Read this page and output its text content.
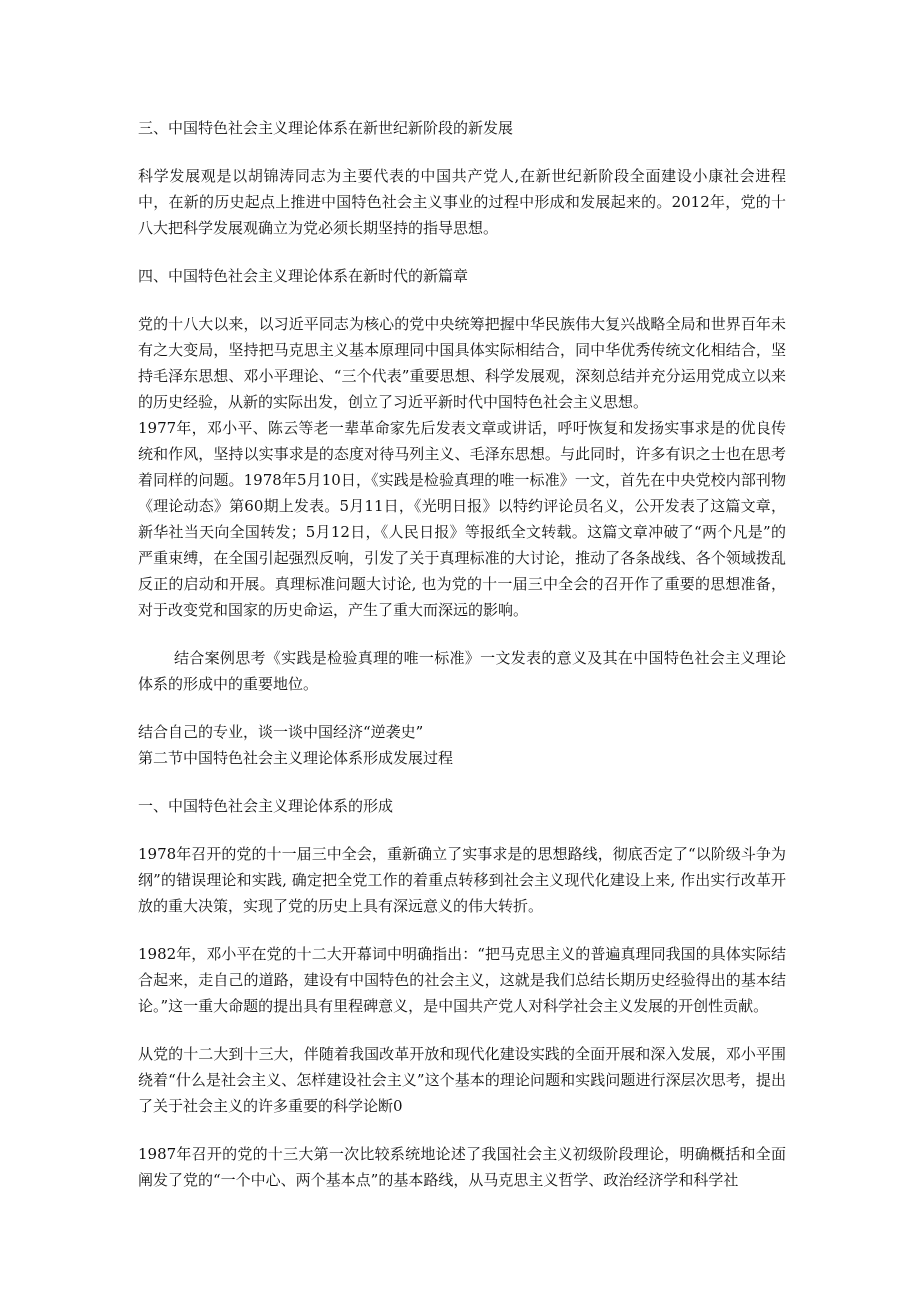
三、中国特色社会主义理论体系在新世纪新阶段的新发展

科学发展观是以胡锦涛同志为主要代表的中国共产党人,在新世纪新阶段全面建设小康社会进程中，在新的历史起点上推进中国特色社会主义事业的过程中形成和发展起来的。2012年，党的十八大把科学发展观确立为党必须长期坚持的指导思想。

四、中国特色社会主义理论体系在新时代的新篇章

党的十八大以来，以习近平同志为核心的党中央统筹把握中华民族伟大复兴战略全局和世界百年未有之大变局，坚持把马克思主义基本原理同中国具体实际相结合，同中华优秀传统文化相结合，坚持毛泽东思想、邓小平理论、“三个代表”重要思想、科学发展观，深刻总结并充分运用党成立以来的历史经验，从新的实际出发，创立了习近平新时代中国特色社会主义思想。

1977年，邓小平、陈云等老一辈革命家先后发表文章或讲话，呼吁恢复和发扬实事求是的优良传统和作风，坚持以实事求是的态度对待马列主义、毛泽东思想。与此同时，许多有识之士也在思考着同样的问题。1978年5月10日，《实践是检验真理的唯一标准》一文，首先在中央党校内部刊物《理论动态》第60期上发表。5月11日，《光明日报》以特约评论员名义，公开发表了这篇文章，新华社当天向全国转发；5月12日，《人民日报》等报纸全文转载。这篇文章冲破了“两个凡是”的严重束缚，在全国引起强烈反响，引发了关于真理标准的大讨论，推动了各条战线、各个领域拨乱反正的启动和开展。真理标准问题大讨论, 也为党的十一届三中全会的召开作了重要的思想准备，对于改变党和国家的历史命运，产生了重大而深远的影响。

结合案例思考《实践是检验真理的唯一标准》一文发表的意义及其在中国特色社会主义理论体系的形成中的重要地位。

结合自己的专业，谈一谈中国经济“逆袭史”

第二节中国特色社会主义理论体系形成发展过程

一、中国特色社会主义理论体系的形成

1978年召开的党的十一届三中全会，重新确立了实事求是的思想路线，彻底否定了“以阶级斗争为纲”的错误理论和实践, 确定把全党工作的着重点转移到社会主义现代化建设上来, 作出实行改革开放的重大决策，实现了党的历史上具有深远意义的伟大转折。

1982年，邓小平在党的十二大开幕词中明确指出：“把马克思主义的普遍真理同我国的具体实际结合起来，走自己的道路，建设有中国特色的社会主义，这就是我们总结长期历史经验得出的基本结论。”这一重大命题的提出具有里程碑意义，是中国共产党人对科学社会主义发展的开创性贡献。

从党的十二大到十三大，伴随着我国改革开放和现代化建设实践的全面开展和深入发展，邓小平围绕着“什么是社会主义、怎样建设社会主义”这个基本的理论问题和实践问题进行深层次思考，提出了关于社会主义的许多重要的科学论断0

1987年召开的党的十三大第一次比较系统地论述了我国社会主义初级阶段理论，明确概括和全面阐发了党的“一个中心、两个基本点”的基本路线，从马克思主义哲学、政治经济学和科学社
